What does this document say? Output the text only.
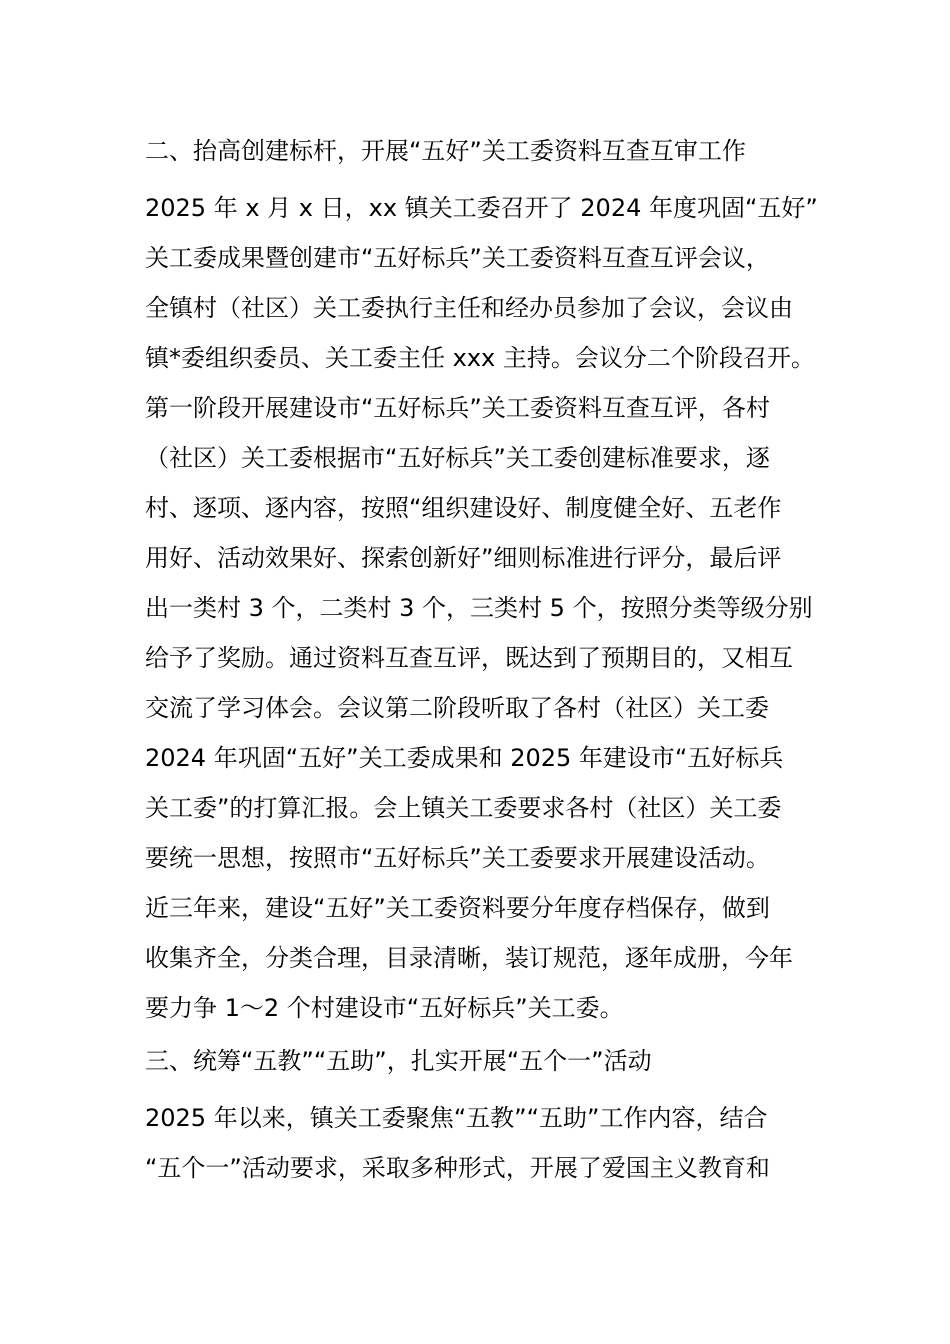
二、抬高创建标杆，开展“五好”关工委资料互查互审工作
2025 年 x 月 x 日，xx 镇关工委召开了 2024 年度巩固“五好”
关工委成果暨创建市“五好标兵”关工委资料互查互评会议，
全镇村（社区）关工委执行主任和经办员参加了会议，会议由
镇*委组织委员、关工委主任 xxx 主持。会议分二个阶段召开。
第一阶段开展建设市“五好标兵”关工委资料互查互评，各村
（社区）关工委根据市“五好标兵”关工委创建标准要求，逐
村、逐项、逐内容，按照“组织建设好、制度健全好、五老作
用好、活动效果好、探索创新好”细则标准进行评分，最后评
出一类村 3 个，二类村 3 个，三类村 5 个，按照分类等级分别
给予了奖励。通过资料互查互评，既达到了预期目的，又相互
交流了学习体会。会议第二阶段听取了各村（社区）关工委
2024 年巩固“五好”关工委成果和 2025 年建设市“五好标兵
关工委”的打算汇报。会上镇关工委要求各村（社区）关工委
要统一思想，按照市“五好标兵”关工委要求开展建设活动。
近三年来，建设“五好”关工委资料要分年度存档保存，做到
收集齐全，分类合理，目录清晰，装订规范，逐年成册，今年
要力争 1～2 个村建设市“五好标兵”关工委。
三、统筹“五教”“五助”，扎实开展“五个一”活动
2025 年以来，镇关工委聚焦“五教”“五助”工作内容，结合
“五个一”活动要求，采取多种形式，开展了爱国主义教育和
